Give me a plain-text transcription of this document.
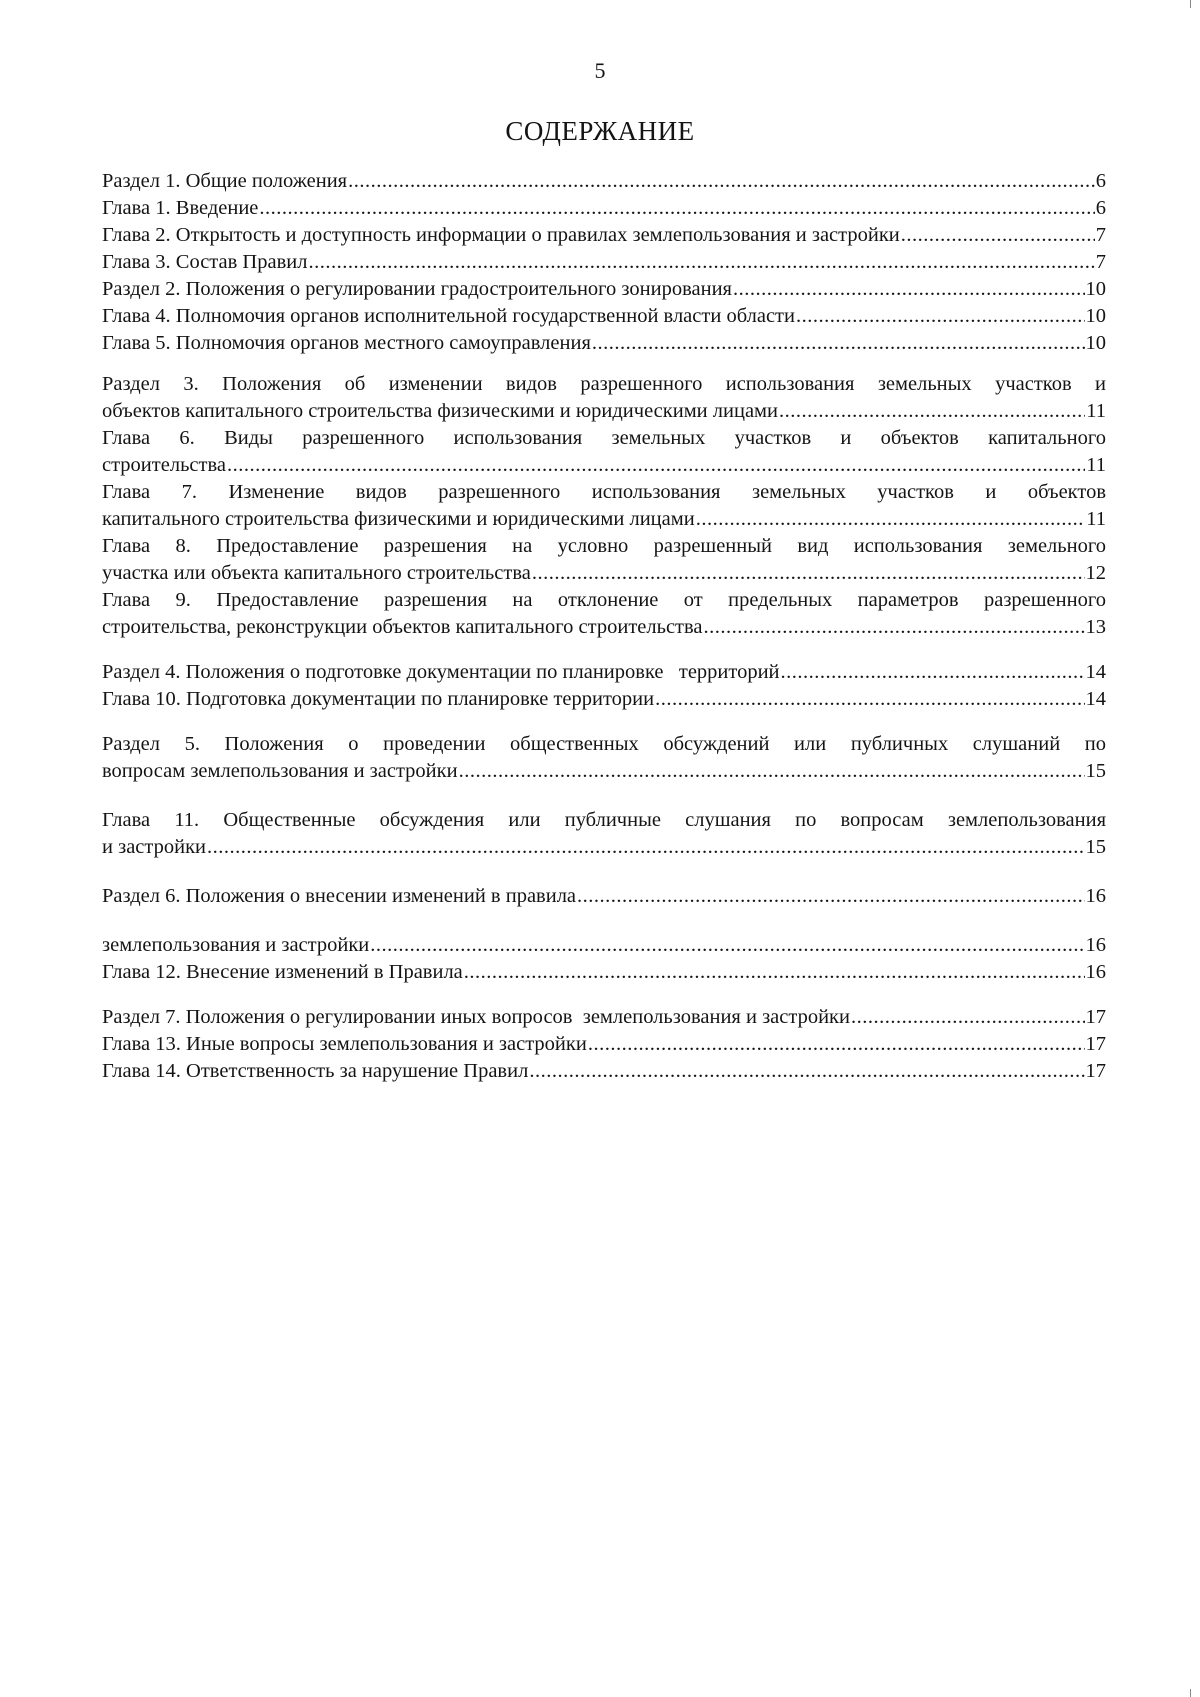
5
СОДЕРЖАНИЕ
Раздел 1. Общие положения .....	6
Глава 1. Введение .....	6
Глава 2. Открытость и доступность информации о правилах землепользования и застройки .....	7
Глава 3. Состав Правил .....	7
Раздел 2. Положения о регулировании градостроительного зонирования .....	10
Глава 4. Полномочия органов исполнительной государственной власти области .....	10
Глава 5. Полномочия органов местного самоуправления .....	10
Раздел 3. Положения об изменении видов разрешенного использования земельных участков и
объектов капитального строительства физическими и юридическими лицами .....	11
Глава 6. Виды разрешенного использования земельных участков и объектов капитального
строительства .....	11
Глава 7. Изменение видов разрешенного использования земельных участков и объектов
капитального строительства физическими и юридическими лицами .....	11
Глава 8. Предоставление разрешения на условно разрешенный вид использования земельного
участка или объекта капитального строительства .....	12
Глава 9. Предоставление разрешения на отклонение от предельных параметров разрешенного
строительства, реконструкции объектов капитального строительства .....	13
Раздел 4. Положения о подготовке документации по планировке   территорий .....	14
Глава 10. Подготовка документации по планировке территории .....	14
Раздел 5. Положения о проведении общественных обсуждений или публичных слушаний по
вопросам землепользования и застройки .....	15
Глава 11. Общественные обсуждения или публичные слушания по вопросам землепользования
и застройки .....	15
Раздел 6. Положения о внесении изменений в правила .....	16
землепользования и застройки .....	16
Глава 12. Внесение изменений в Правила .....	16
Раздел 7. Положения о регулировании иных вопросов  землепользования и застройки .....	17
Глава 13. Иные вопросы землепользования и застройки .....	17
Глава 14. Ответственность за нарушение Правил .....	17
